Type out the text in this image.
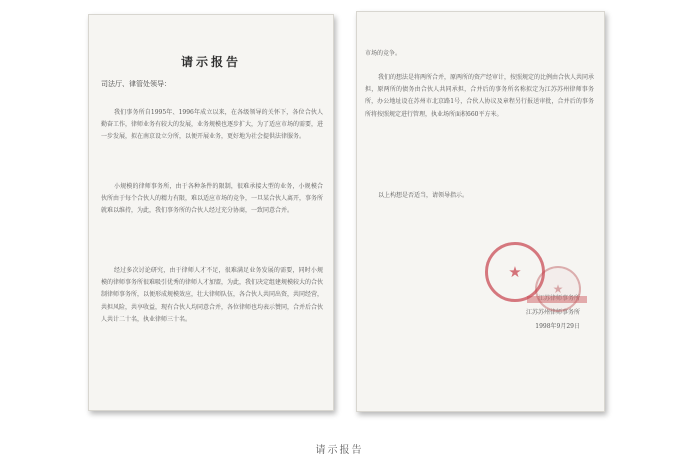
请示报告
司法厅、律管处领导：

我们事务所自1995年、1996年成立以来，在各级领导的关怀下，各位合伙人勤奋工作，律师业务有较大的发展，业务规模也逐步扩大，为了适应市场的需要，进一步发展，拟在南京设立分所，以便开展业务，更好地为社会提供法律服务。

小规模的律师事务所，由于各种条件的限制，很难承接大型的业务，小规模合伙所由于每个合伙人的精力有限，难以适应市场的竞争，一旦某合伙人离开，事务所就难以维持，为此，我们事务所的合伙人经过充分协商，一致同意合并。

经过多次讨论研究，由于律师人才不足，很难满足业务发展的需要，同时小规模的律师事务所很难吸引优秀的律师人才加盟，为此，我们决定组建规模较大的合伙制律师事务所，以便形成规模效应，壮大律师队伍，各合伙人共同出资，共同经营，共担风险，共享收益，现有合伙人均同意合并，各位律师也均表示赞同，合并后合伙人共计二十名，执业律师三十名。

市场的竞争。

我们的想法是将两所合并，原两所的资产经审计，按照规定的比例由合伙人共同承担，原两所的债务由合伙人共同承担，合并后的事务所名称拟定为江苏苏州律师事务所，办公地址设在苏州市北京路1号，合伙人协议及章程另行报送审批，合并后的事务所将按照规定进行管理，执业场所面积660平方米。

以上构想是否适当，请领导指示。

江苏苏州律师事务所
1998年9月29日
★
★
请示报告
